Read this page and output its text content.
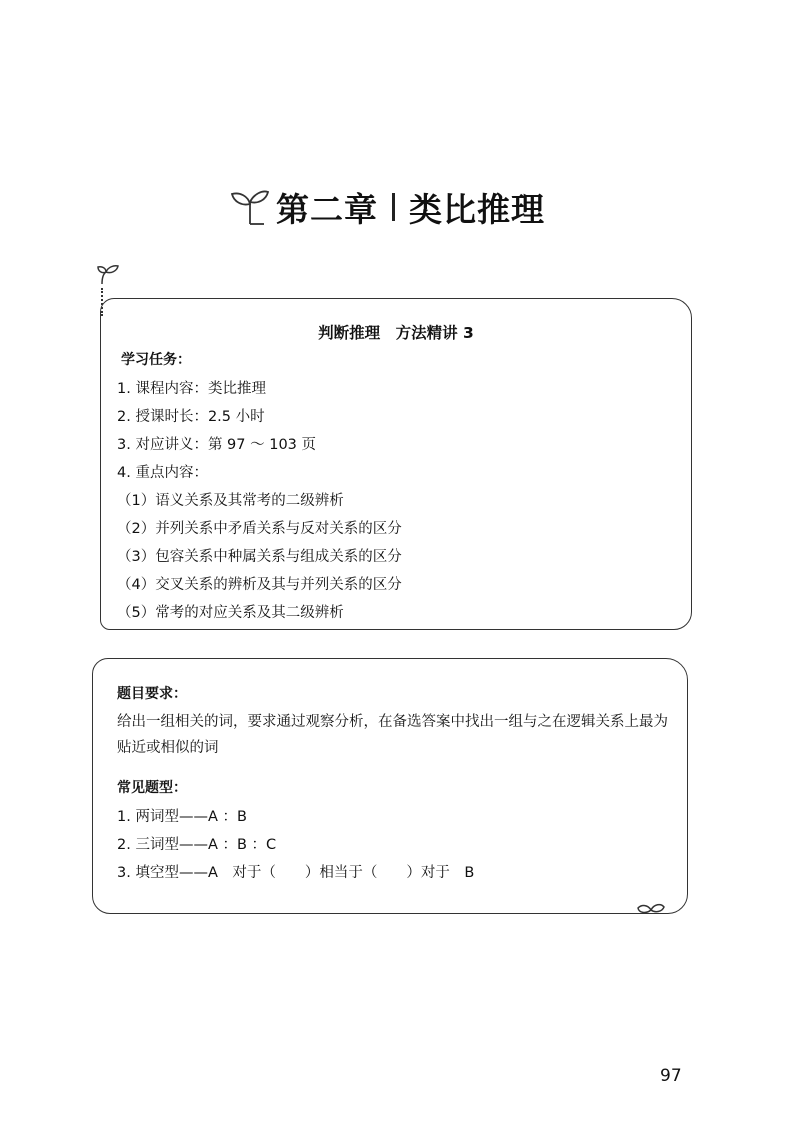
第二章 类比推理
判断推理　方法精讲 3
学习任务：
1. 课程内容：类比推理
2. 授课时长：2.5 小时
3. 对应讲义：第 97 ～ 103 页
4. 重点内容：
（1）语义关系及其常考的二级辨析
（2）并列关系中矛盾关系与反对关系的区分
（3）包容关系中种属关系与组成关系的区分
（4）交叉关系的辨析及其与并列关系的区分
（5）常考的对应关系及其二级辨析
题目要求：
给出一组相关的词，要求通过观察分析，在备选答案中找出一组与之在逻辑关系上最为贴近或相似的词
常见题型：
1. 两词型——A ：B
2. 三词型——A ：B ：C
3. 填空型——A　对于（　　）相当于（　　）对于　B
97
